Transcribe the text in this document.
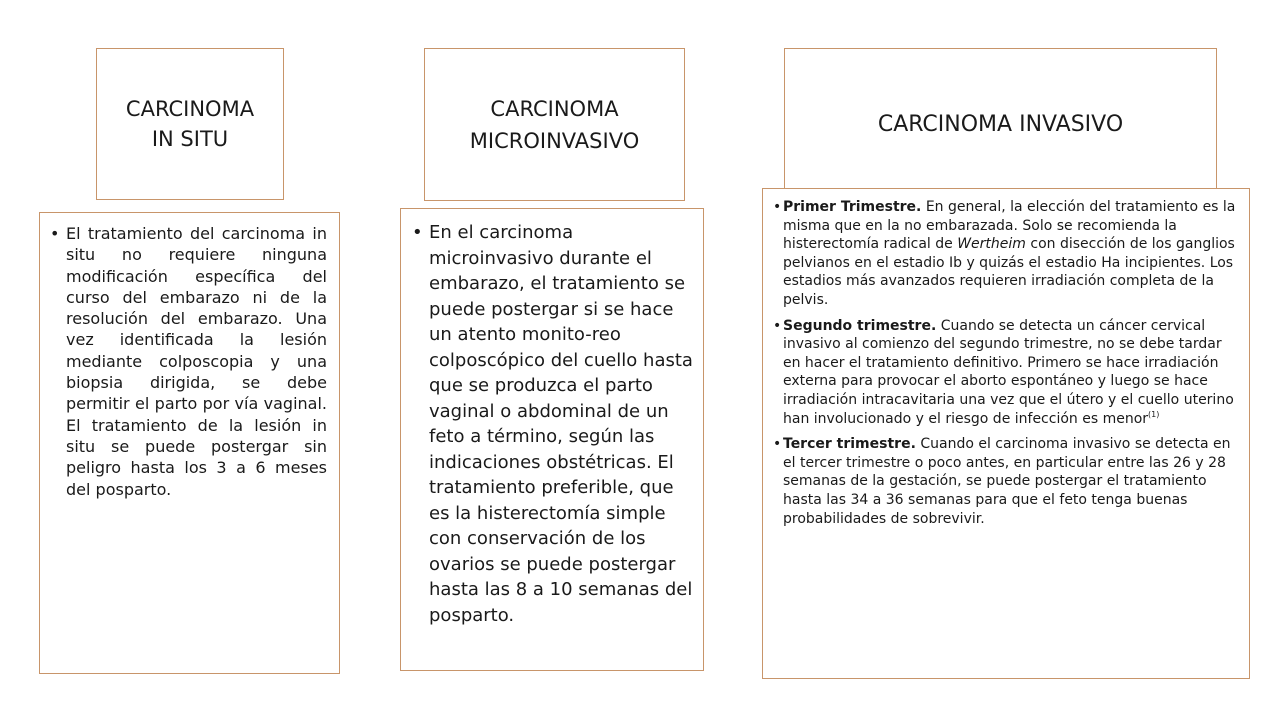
CARCINOMA
IN SITU
• El tratamiento del carcinoma in situ no requiere ninguna modificación específica del curso del embarazo ni de la resolución del embarazo. Una vez identificada la lesión mediante colposcopia y una biopsia dirigida, se debe permitir el parto por vía vaginal. El tratamiento de la lesión in situ se puede postergar sin peligro hasta los 3 a 6 meses del posparto.
CARCINOMA
MICROINVASIVO
• En el carcinoma microinvasivo durante el embarazo, el tratamiento se puede postergar si se hace un atento monito-reo colposcópico del cuello hasta que se produzca el parto vaginal o abdominal de un feto a término, según las indicaciones obstétricas. El tratamiento preferible, que es la histerectomía simple con conservación de los ovarios se puede postergar hasta las 8 a 10 semanas del posparto.
CARCINOMA INVASIVO
• Primer Trimestre. En general, la elección del tratamiento es la misma que en la no embarazada. Solo se recomienda la histerectomía radical de Wertheim con disección de los ganglios pelvianos en el estadio Ib y quizás el estadio Ha incipientes. Los estadios más avanzados requieren irradiación completa de la pelvis.
• Segundo trimestre. Cuando se detecta un cáncer cervical invasivo al comienzo del segundo trimestre, no se debe tardar en hacer el tratamiento definitivo. Primero se hace irradiación externa para provocar el aborto espontáneo y luego se hace irradiación intracavitaria una vez que el útero y el cuello uterino han involucionado y el riesgo de infección es menor$^{(1)}$
• Tercer trimestre. Cuando el carcinoma invasivo se detecta en el tercer trimestre o poco antes, en particular entre las 26 y 28 semanas de la gestación, se puede postergar el tratamiento hasta las 34 a 36 semanas para que el feto tenga buenas probabilidades de sobrevivir.
